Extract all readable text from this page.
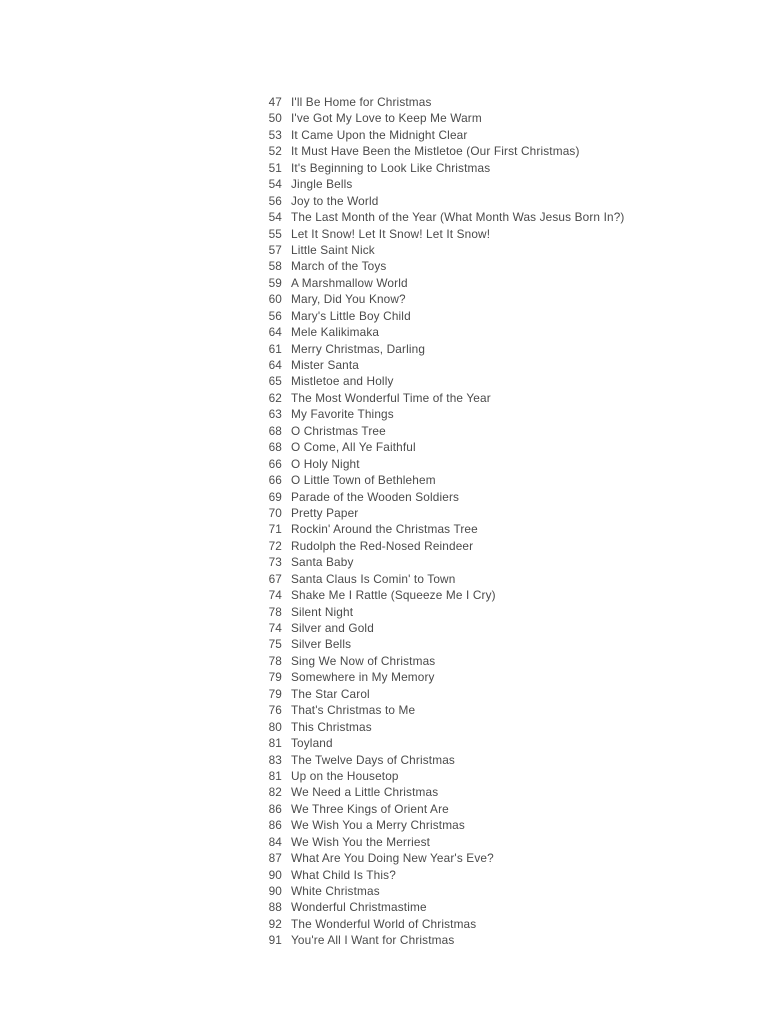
47 I'll Be Home for Christmas
50 I've Got My Love to Keep Me Warm
53 It Came Upon the Midnight Clear
52 It Must Have Been the Mistletoe (Our First Christmas)
51 It's Beginning to Look Like Christmas
54 Jingle Bells
56 Joy to the World
54 The Last Month of the Year (What Month Was Jesus Born In?)
55 Let It Snow! Let It Snow! Let It Snow!
57 Little Saint Nick
58 March of the Toys
59 A Marshmallow World
60 Mary, Did You Know?
56 Mary's Little Boy Child
64 Mele Kalikimaka
61 Merry Christmas, Darling
64 Mister Santa
65 Mistletoe and Holly
62 The Most Wonderful Time of the Year
63 My Favorite Things
68 O Christmas Tree
68 O Come, All Ye Faithful
66 O Holy Night
66 O Little Town of Bethlehem
69 Parade of the Wooden Soldiers
70 Pretty Paper
71 Rockin' Around the Christmas Tree
72 Rudolph the Red-Nosed Reindeer
73 Santa Baby
67 Santa Claus Is Comin' to Town
74 Shake Me I Rattle (Squeeze Me I Cry)
78 Silent Night
74 Silver and Gold
75 Silver Bells
78 Sing We Now of Christmas
79 Somewhere in My Memory
79 The Star Carol
76 That's Christmas to Me
80 This Christmas
81 Toyland
83 The Twelve Days of Christmas
81 Up on the Housetop
82 We Need a Little Christmas
86 We Three Kings of Orient Are
86 We Wish You a Merry Christmas
84 We Wish You the Merriest
87 What Are You Doing New Year's Eve?
90 What Child Is This?
90 White Christmas
88 Wonderful Christmastime
92 The Wonderful World of Christmas
91 You're All I Want for Christmas
